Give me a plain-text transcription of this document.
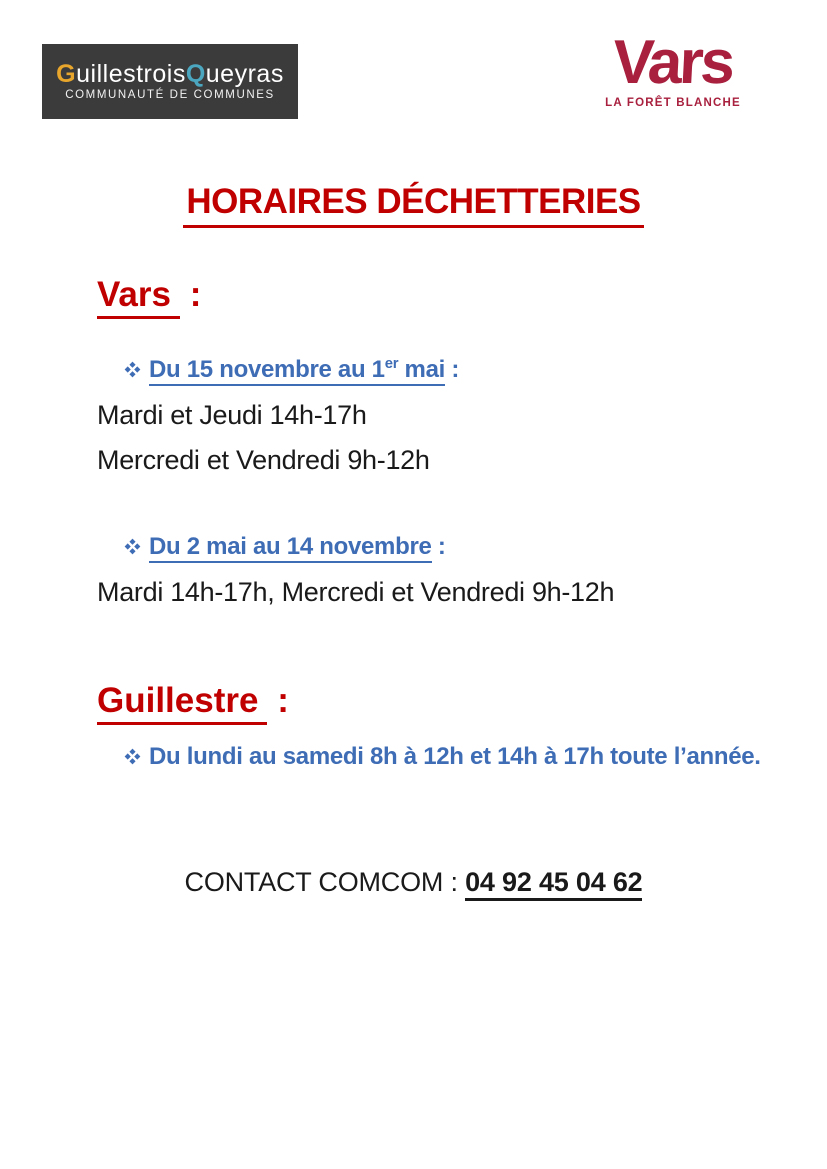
GuillestroisQueyras
COMMUNAUTÉ DE COMMUNES	Vars
LA FORÊT BLANCHE
HORAIRES DÉCHETTERIES
Vars :
Du 15 novembre au 1er mai :
Mardi et Jeudi 14h-17h
Mercredi et Vendredi 9h-12h
Du 2 mai au 14 novembre :
Mardi 14h-17h, Mercredi et Vendredi 9h-12h
Guillestre :
Du lundi au samedi 8h à 12h et 14h à 17h toute l’année.
CONTACT COMCOM : 04 92 45 04 62
